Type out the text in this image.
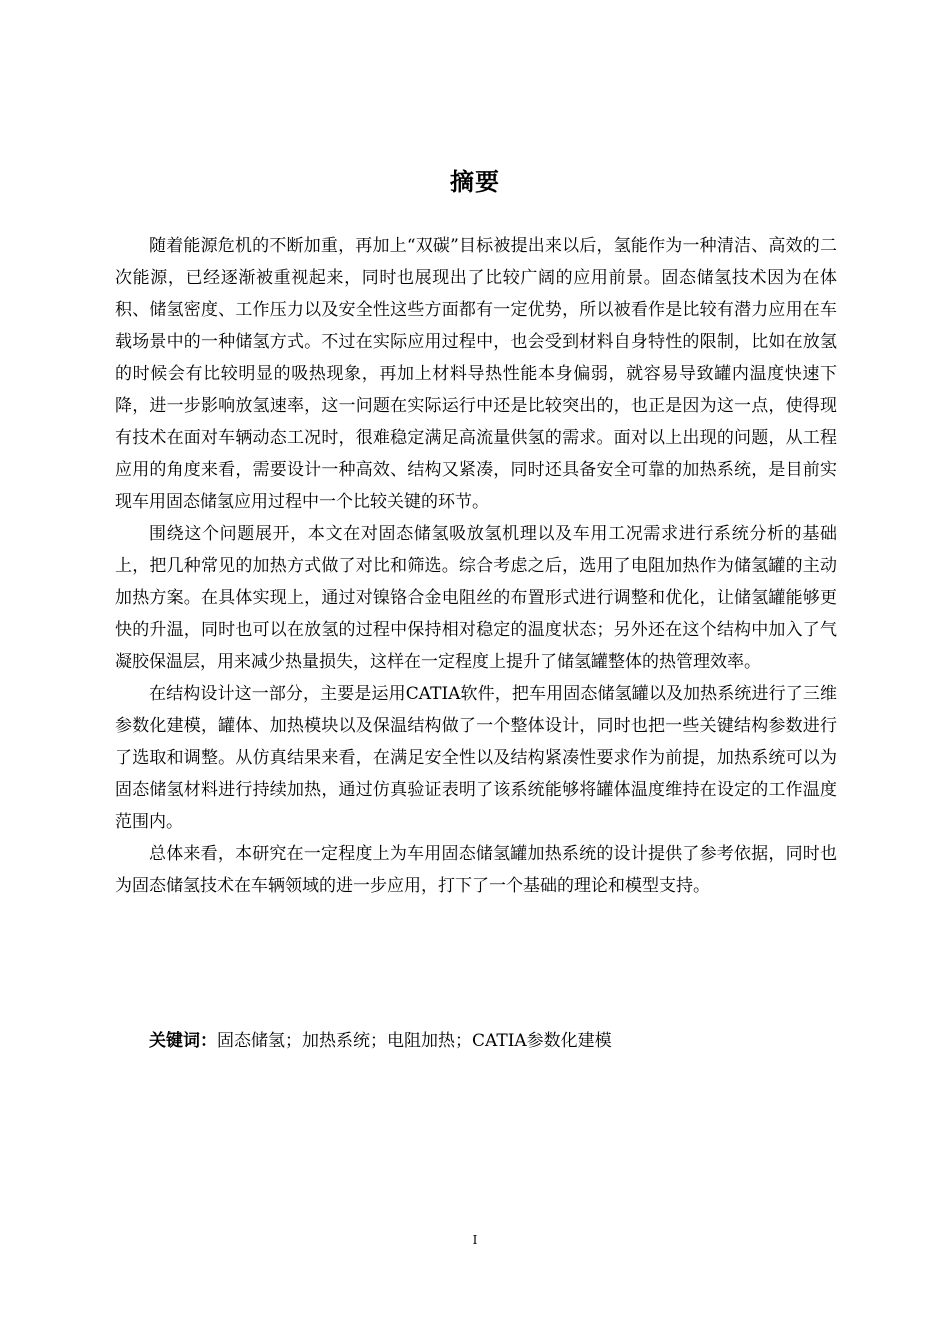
摘要

随着能源危机的不断加重，再加上“双碳”目标被提出来以后，氢能作为一种清洁、高效的二次能源，已经逐渐被重视起来，同时也展现出了比较广阔的应用前景。固态储氢技术因为在体积、储氢密度、工作压力以及安全性这些方面都有一定优势，所以被看作是比较有潜力应用在车载场景中的一种储氢方式。不过在实际应用过程中，也会受到材料自身特性的限制，比如在放氢的时候会有比较明显的吸热现象，再加上材料导热性能本身偏弱，就容易导致罐内温度快速下降，进一步影响放氢速率，这一问题在实际运行中还是比较突出的，也正是因为这一点，使得现有技术在面对车辆动态工况时，很难稳定满足高流量供氢的需求。面对以上出现的问题，从工程应用的角度来看，需要设计一种高效、结构又紧凑，同时还具备安全可靠的加热系统，是目前实现车用固态储氢应用过程中一个比较关键的环节。

围绕这个问题展开，本文在对固态储氢吸放氢机理以及车用工况需求进行系统分析的基础上，把几种常见的加热方式做了对比和筛选。综合考虑之后，选用了电阻加热作为储氢罐的主动加热方案。在具体实现上，通过对镍铬合金电阻丝的布置形式进行调整和优化，让储氢罐能够更快的升温，同时也可以在放氢的过程中保持相对稳定的温度状态；另外还在这个结构中加入了气凝胶保温层，用来减少热量损失，这样在一定程度上提升了储氢罐整体的热管理效率。

在结构设计这一部分，主要是运用CATIA软件，把车用固态储氢罐以及加热系统进行了三维参数化建模，罐体、加热模块以及保温结构做了一个整体设计，同时也把一些关键结构参数进行了选取和调整。从仿真结果来看，在满足安全性以及结构紧凑性要求作为前提，加热系统可以为固态储氢材料进行持续加热，通过仿真验证表明了该系统能够将罐体温度维持在设定的工作温度范围内。

总体来看，本研究在一定程度上为车用固态储氢罐加热系统的设计提供了参考依据，同时也为固态储氢技术在车辆领域的进一步应用，打下了一个基础的理论和模型支持。

关键词：固态储氢；加热系统；电阻加热；CATIA参数化建模
I
